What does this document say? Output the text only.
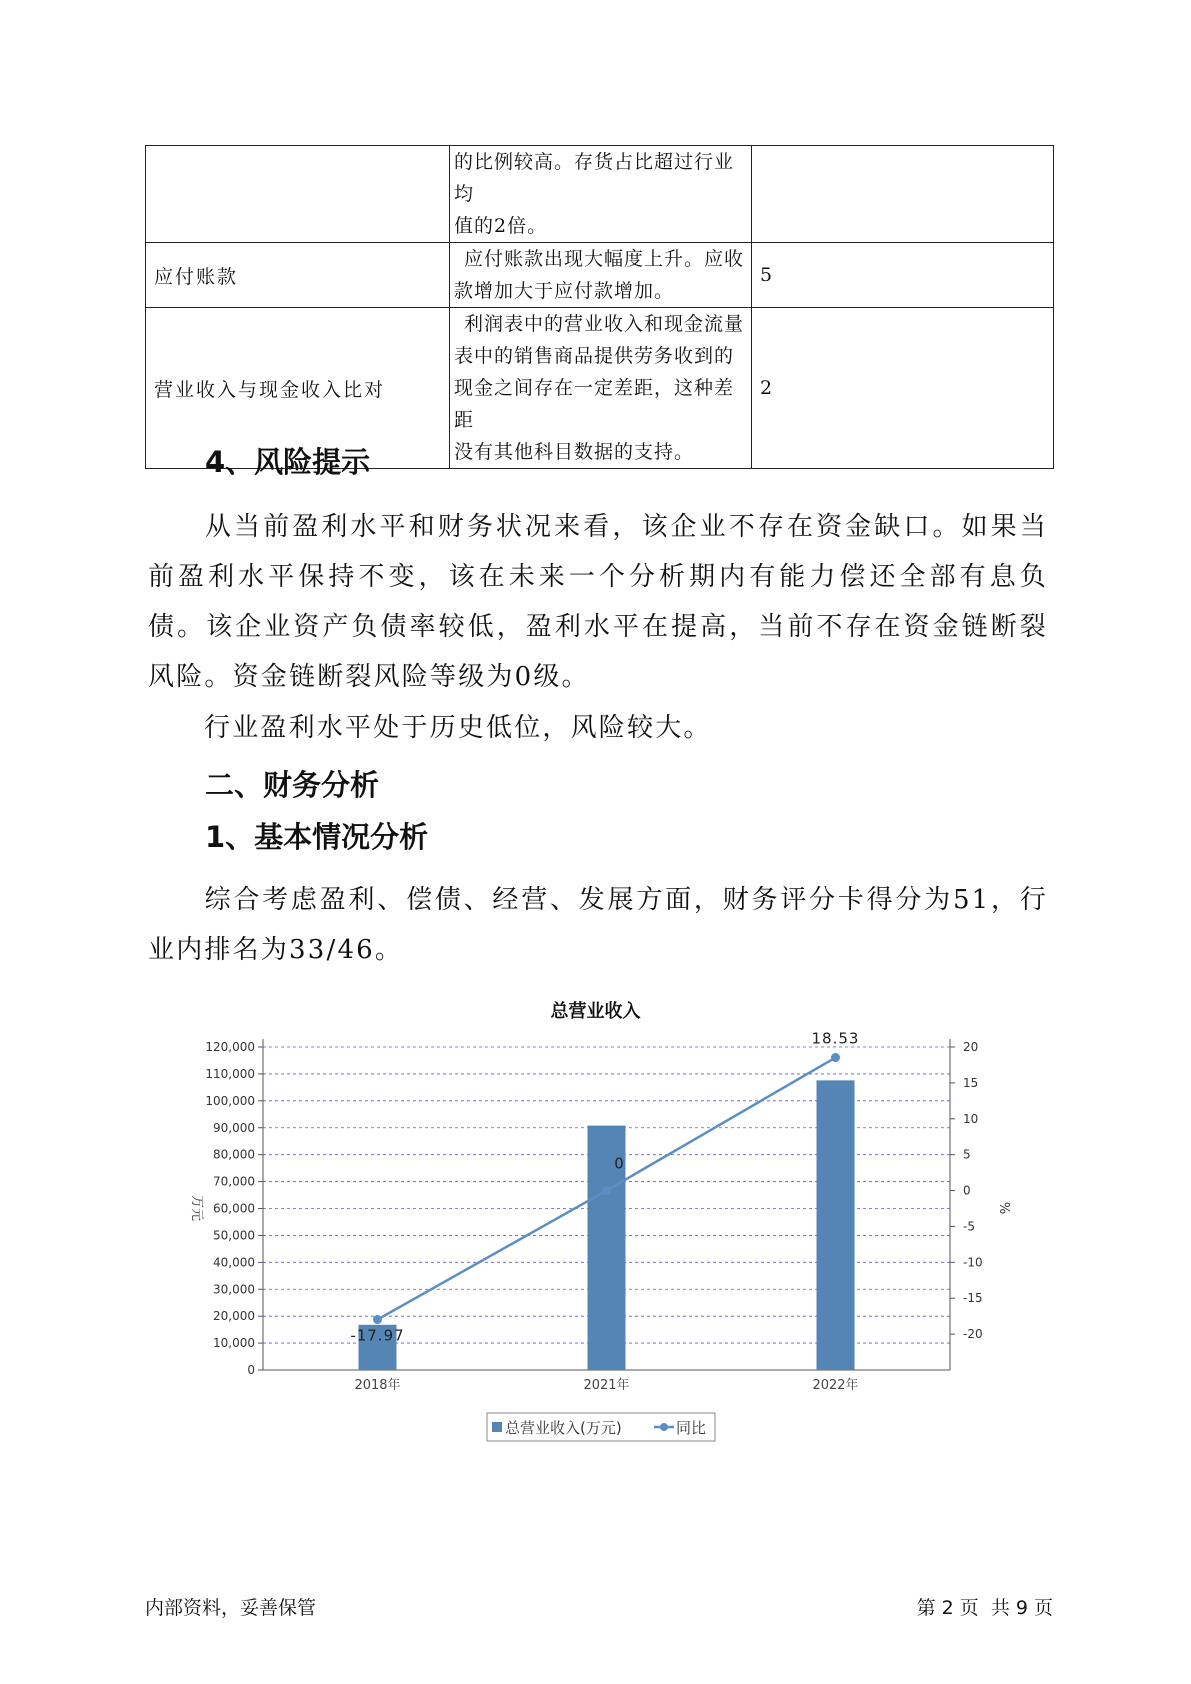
	的比例较高。存货占比超过行业均
值的2倍。	

应付账款	应付账款出现大幅度上升。应收
款增加大于应付款增加。	5
营业收入与现金收入比对	利润表中的营业收入和现金流量
表中的销售商品提供劳务收到的
现金之间存在一定差距，这种差距
没有其他科目数据的支持。	2
4、风险提示

从当前盈利水平和财务状况来看，该企业不存在资金缺口。如果当前盈利水平保持不变，该在未来一个分析期内有能力偿还全部有息负债。该企业资产负债率较低，盈利水平在提高，当前不存在资金链断裂风险。资金链断裂风险等级为0级。

行业盈利水平处于历史低位，风险较大。

二、财务分析
1、基本情况分析

综合考虑盈利、偿债、经营、发展方面，财务评分卡得分为51，行业内排名为33/46。

总营业收入
0
10,000
20,000
30,000
40,000
50,000
60,000
70,000
80,000
90,000
100,000
110,000
120,000
-20
-15
-10
-5
0
5
10
15
20
万元	%
2018年	2021年	2022年
-17.97
0
18.53
总营业收入(万元)	同比
内部资料，妥善保管	第 2 页  共 9 页
